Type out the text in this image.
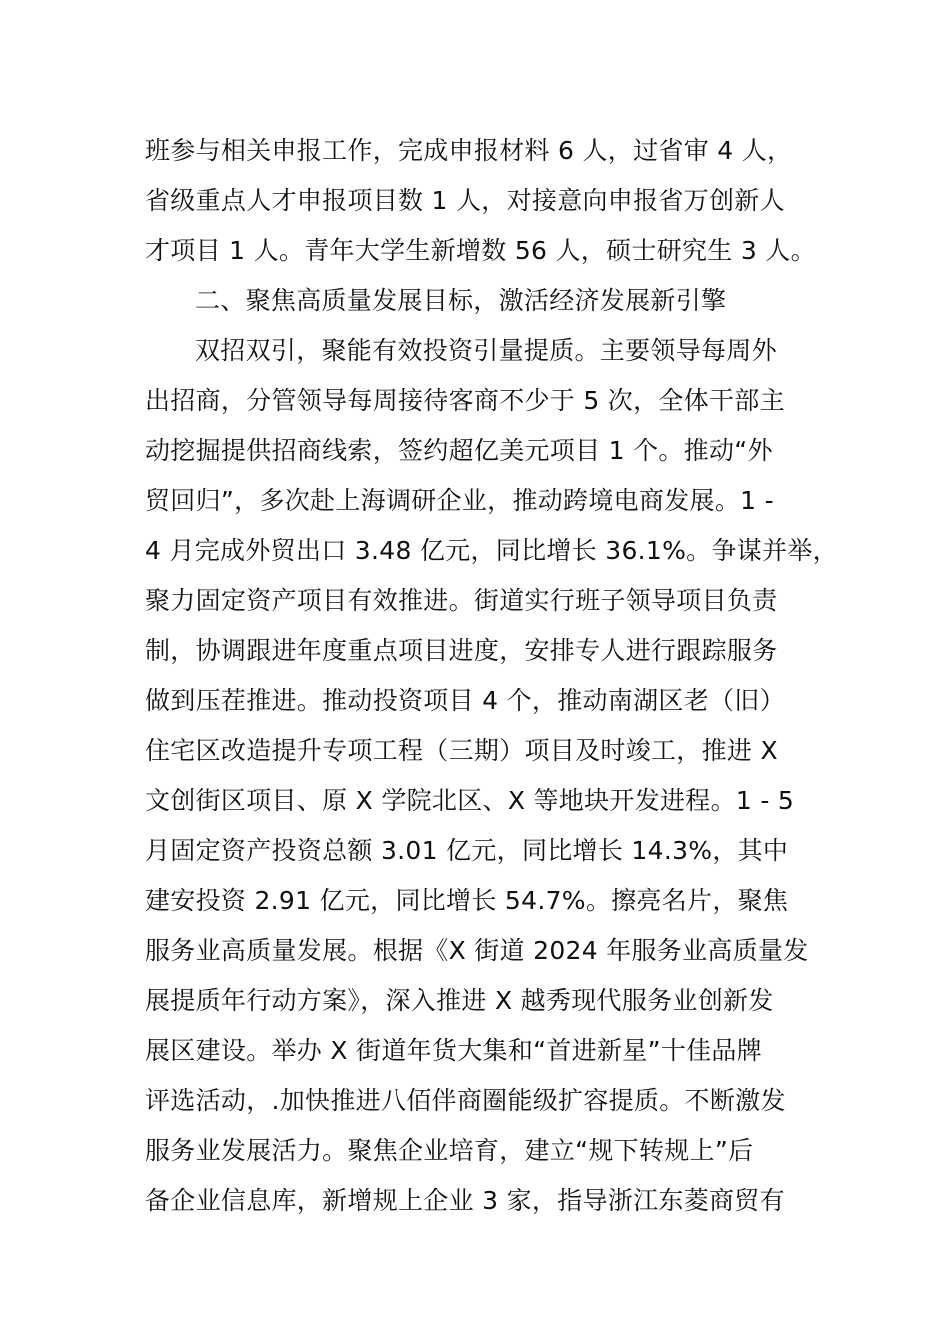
班参与相关申报工作，完成申报材料 6 人，过省审 4 人，
省级重点人才申报项目数 1 人，对接意向申报省万创新人
才项目 1 人。青年大学生新增数 56 人，硕士研究生 3 人。
二、聚焦高质量发展目标，激活经济发展新引擎
双招双引，聚能有效投资引量提质。主要领导每周外
出招商，分管领导每周接待客商不少于 5 次，全体干部主
动挖掘提供招商线索，签约超亿美元项目 1 个。推动“外
贸回归”，多次赴上海调研企业，推动跨境电商发展。1 -
4 月完成外贸出口 3.48 亿元，同比增长 36.1%。争谋并举，
聚力固定资产项目有效推进。街道实行班子领导项目负责
制，协调跟进年度重点项目进度，安排专人进行跟踪服务
做到压茬推进。推动投资项目 4 个，推动南湖区老（旧）
住宅区改造提升专项工程（三期）项目及时竣工，推进 X
文创街区项目、原 X 学院北区、X 等地块开发进程。1 - 5
月固定资产投资总额 3.01 亿元，同比增长 14.3%，其中
建安投资 2.91 亿元，同比增长 54.7%。擦亮名片，聚焦
服务业高质量发展。根据《X 街道 2024 年服务业高质量发
展提质年行动方案》，深入推进 X 越秀现代服务业创新发
展区建设。举办 X 街道年货大集和“首进新星”十佳品牌
评选活动，.加快推进八佰伴商圈能级扩容提质。不断激发
服务业发展活力。聚焦企业培育，建立“规下转规上”后
备企业信息库，新增规上企业 3 家，指导浙江东菱商贸有
